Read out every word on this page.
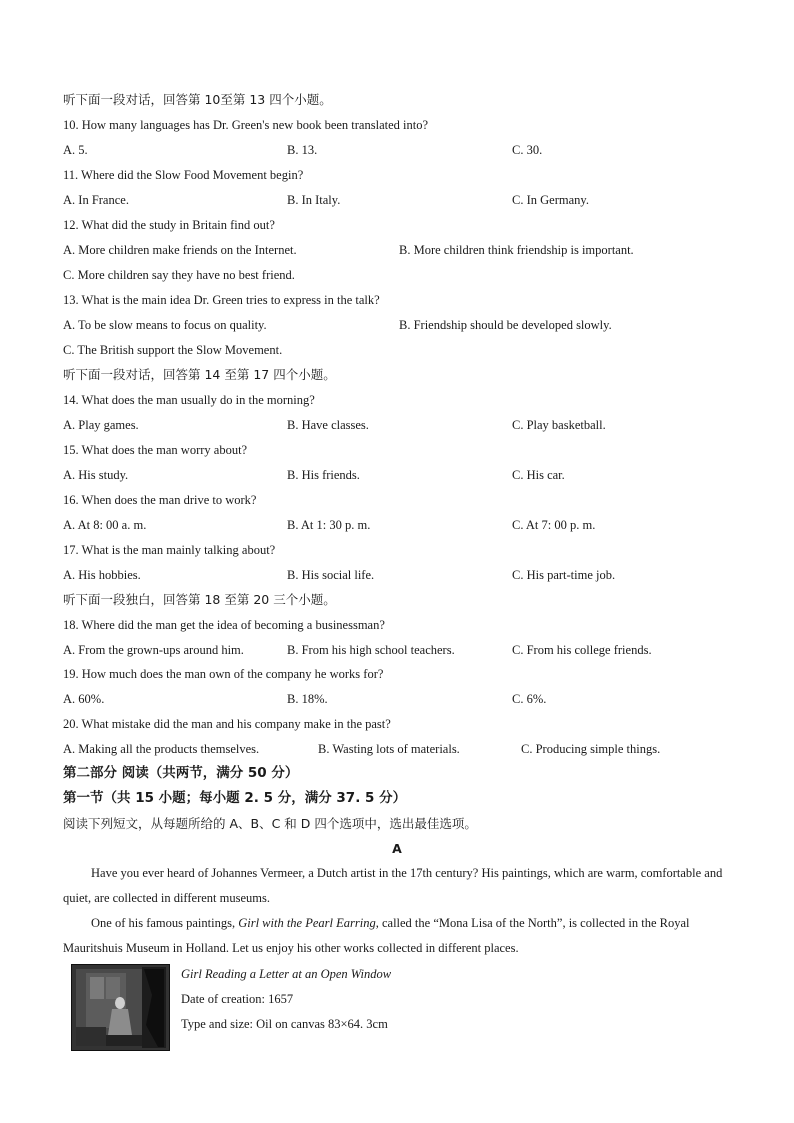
听下面一段对话，回答第 10至第 13 四个小题。
10. How many languages has Dr. Green's new book been translated into?
A. 5.	B. 13.	C. 30.
11. Where did the Slow Food Movement begin?
A. In France.	B. In Italy.	C. In Germany.
12. What did the study in Britain find out?
A. More children make friends on the Internet.	B. More children think friendship is important.
C. More children say they have no best friend.
13. What is the main idea Dr. Green tries to express in the talk?
A. To be slow means to focus on quality.	B. Friendship should be developed slowly.
C. The British support the Slow Movement.
听下面一段对话，回答第 14 至第 17 四个小题。
14. What does the man usually do in the morning?
A. Play games.	B. Have classes.	C. Play basketball.
15. What does the man worry about?
A. His study.	B. His friends.	C. His car.
16. When does the man drive to work?
A. At 8: 00 a. m.	B. At 1: 30 p. m.	C. At 7: 00 p. m.
17. What is the man mainly talking about?
A. His hobbies.	B. His social life.	C. His part-time job.
听下面一段独白，回答第 18 至第 20 三个小题。
18. Where did the man get the idea of becoming a businessman?
A. From the grown-ups around him.	B. From his high school teachers.	C. From his college friends.
19. How much does the man own of the company he works for?
A. 60%.	B. 18%.	C. 6%.
20. What mistake did the man and his company make in the past?
A. Making all the products themselves.	B. Wasting lots of materials.	C. Producing simple things.
第二部分 阅读（共两节，满分 50 分）
第一节（共 15 小题；每小题 2. 5 分，满分 37. 5 分）
阅读下列短文，从每题所给的 A、B、C 和 D 四个选项中，选出最佳选项。
A
Have you ever heard of Johannes Vermeer, a Dutch artist in the 17th century? His paintings, which are warm, comfortable and quiet, are collected in different museums.
One of his famous paintings, Girl with the Pearl Earring, called the “Mona Lisa of the North”, is collected in the Royal Mauritshuis Museum in Holland. Let us enjoy his other works collected in different places.
Girl Reading a Letter at an Open Window
Date of creation: 1657
Type and size: Oil on canvas 83×64. 3cm
